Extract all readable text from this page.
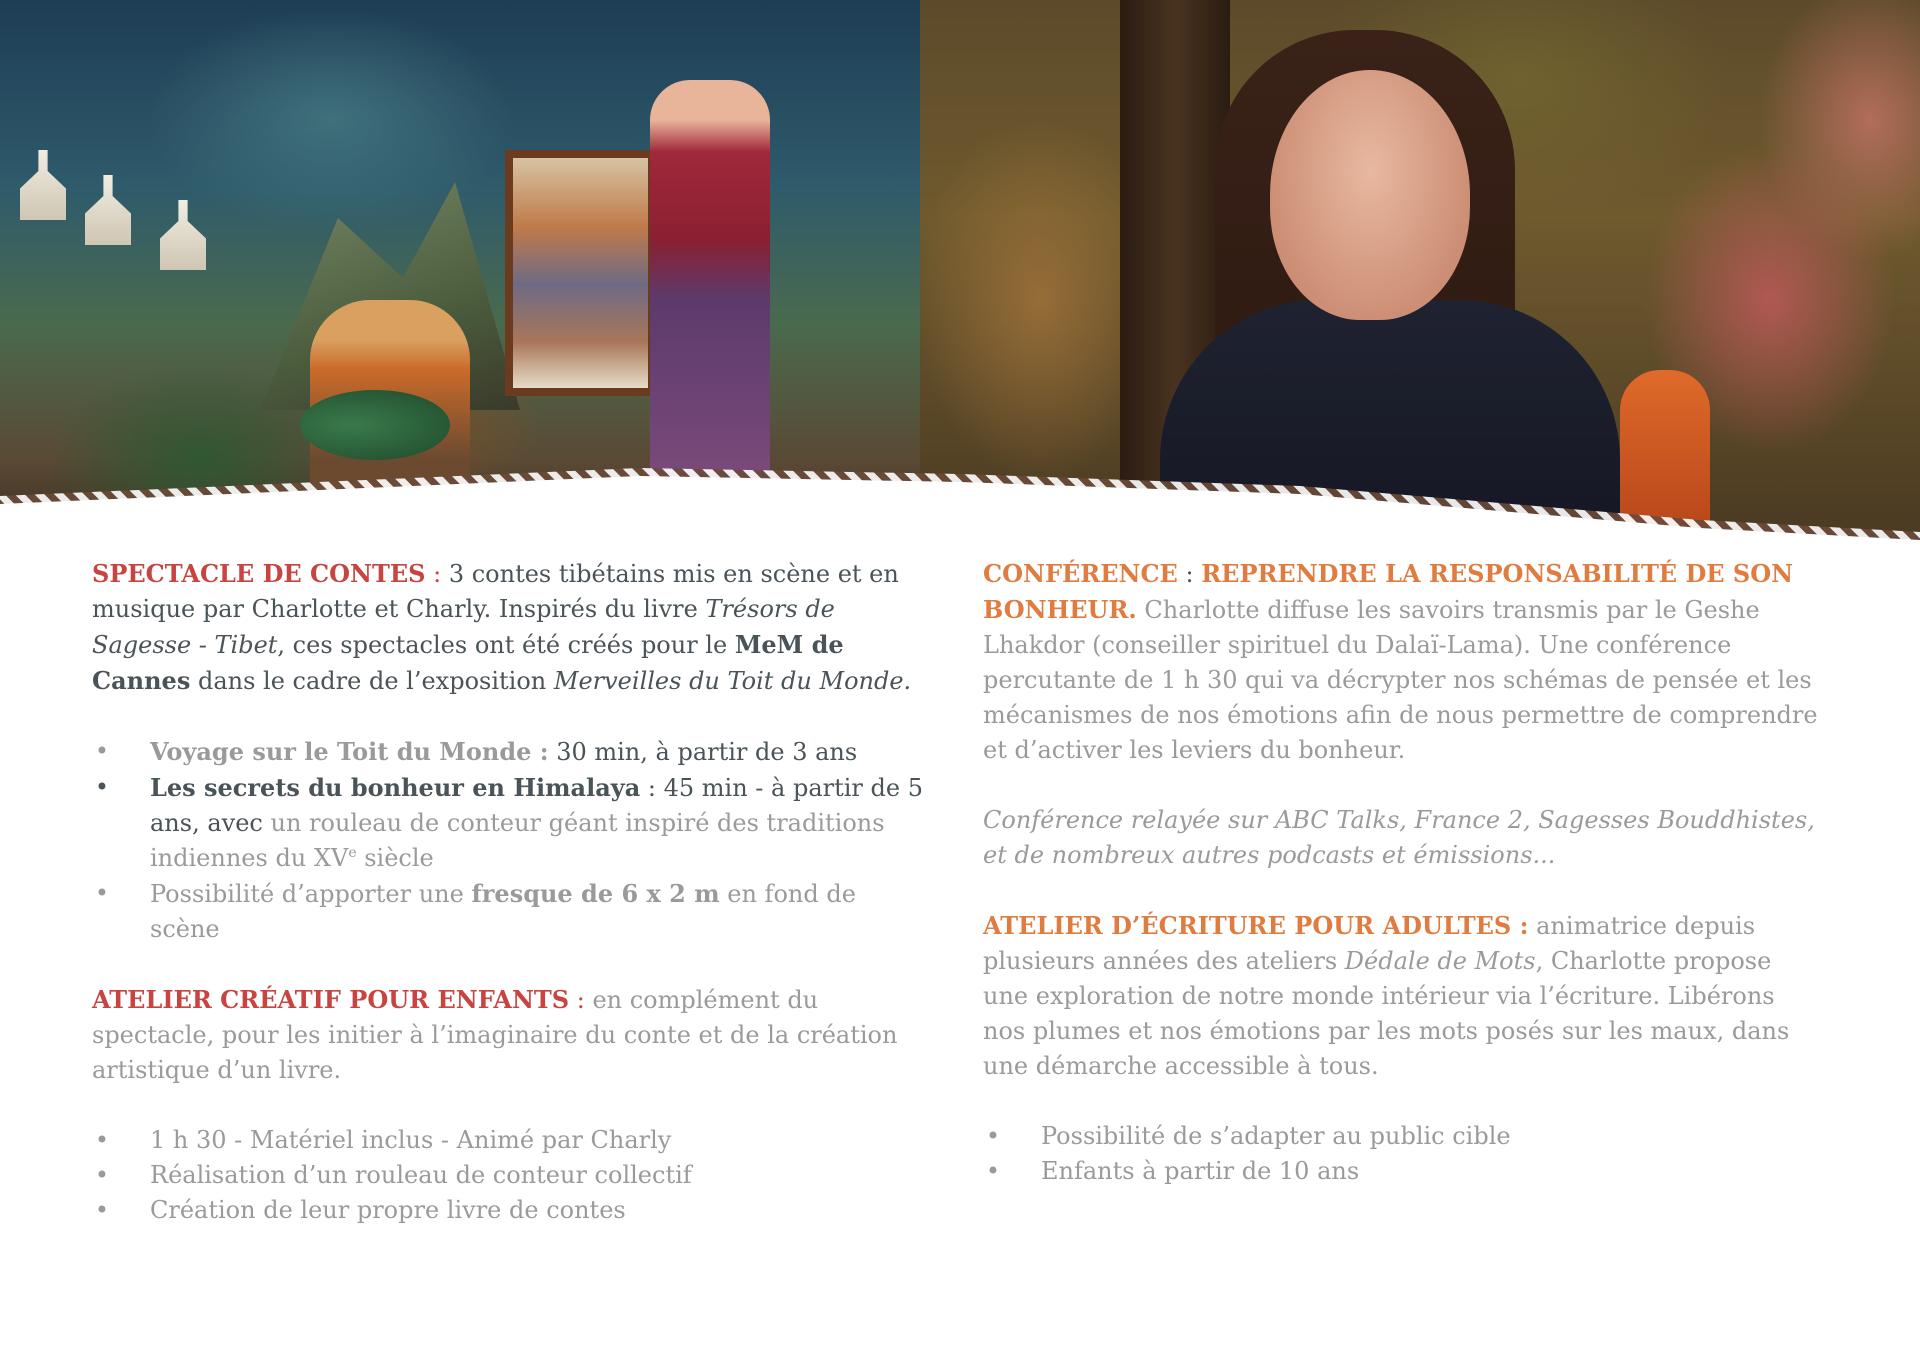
SPECTACLE DE CONTES : 3 contes tibétains mis en scène et en musique par Charlotte et Charly. Inspirés du livre Trésors de Sagesse - Tibet, ces spectacles ont été créés pour le MeM de Cannes dans le cadre de l’exposition Merveilles du Toit du Monde.

• Voyage sur le Toit du Monde : 30 min, à partir de 3 ans
• Les secrets du bonheur en Himalaya : 45 min - à partir de 5 ans, avec un rouleau de conteur géant inspiré des traditions indiennes du XVe siècle
• Possibilité d’apporter une fresque de 6 x 2 m en fond de scène

ATELIER CRÉATIF POUR ENFANTS : en complément du spectacle, pour les initier à l’imaginaire du conte et de la création artistique d’un livre.

• 1 h 30 - Matériel inclus - Animé par Charly
• Réalisation d’un rouleau de conteur collectif
• Création de leur propre livre de contes

CONFÉRENCE : REPRENDRE LA RESPONSABILITÉ DE SON BONHEUR. Charlotte diffuse les savoirs transmis par le Geshe Lhakdor (conseiller spirituel du Dalaï-Lama). Une conférence percutante de 1 h 30 qui va décrypter nos schémas de pensée et les mécanismes de nos émotions afin de nous permettre de comprendre et d’activer les leviers du bonheur.

Conférence relayée sur ABC Talks, France 2, Sagesses Bouddhistes, et de nombreux autres podcasts et émissions...

ATELIER D’ÉCRITURE POUR ADULTES : animatrice depuis plusieurs années des ateliers Dédale de Mots, Charlotte propose une exploration de notre monde intérieur via l’écriture. Libérons nos plumes et nos émotions par les mots posés sur les maux, dans une démarche accessible à tous.

• Possibilité de s’adapter au public cible
• Enfants à partir de 10 ans
